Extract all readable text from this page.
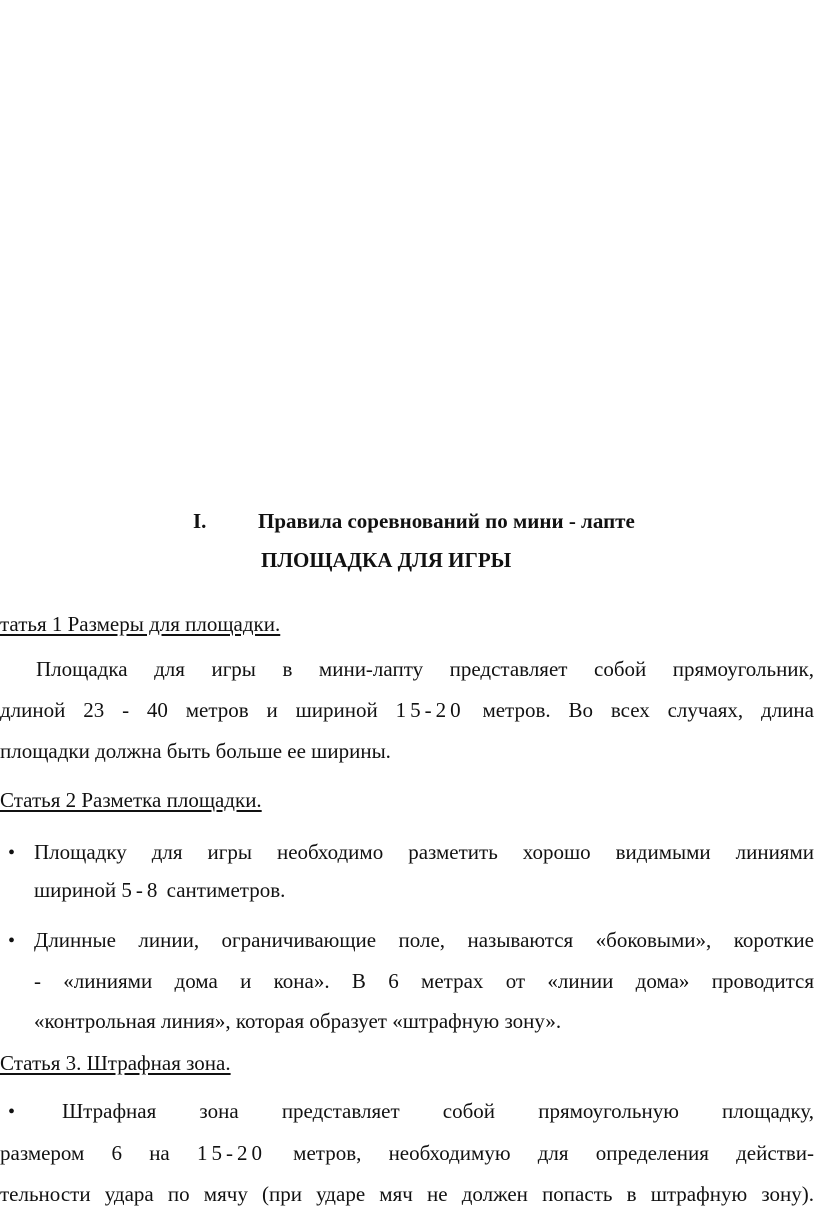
I. Правила соревнований по мини - лапте
ПЛОЩАДКА ДЛЯ ИГРЫ
татья 1 Размеры для площадки.
Площадка для игры в мини-лапту представляет собой прямоугольник,
длиной 23 - 40 метров и шириной 15-20 метров. Во всех случаях, длина
площадки должна быть больше ее ширины.
Статья 2 Разметка площадки.
• Площадку для игры необходимо разметить хорошо видимыми линиями
шириной 5-8 сантиметров.
• Длинные линии, ограничивающие поле, называются «боковыми», короткие
- «линиями дома и кона». В 6 метрах от «линии дома» проводится
«контрольная линия», которая образует «штрафную зону».
Статья 3. Штрафная зона.
• Штрафная зона представляет собой прямоугольную площадку,
размером 6 на 15-20 метров, необходимую для определения действи-
тельности удара по мячу (при ударе мяч не должен попасть в штрафную зону).
